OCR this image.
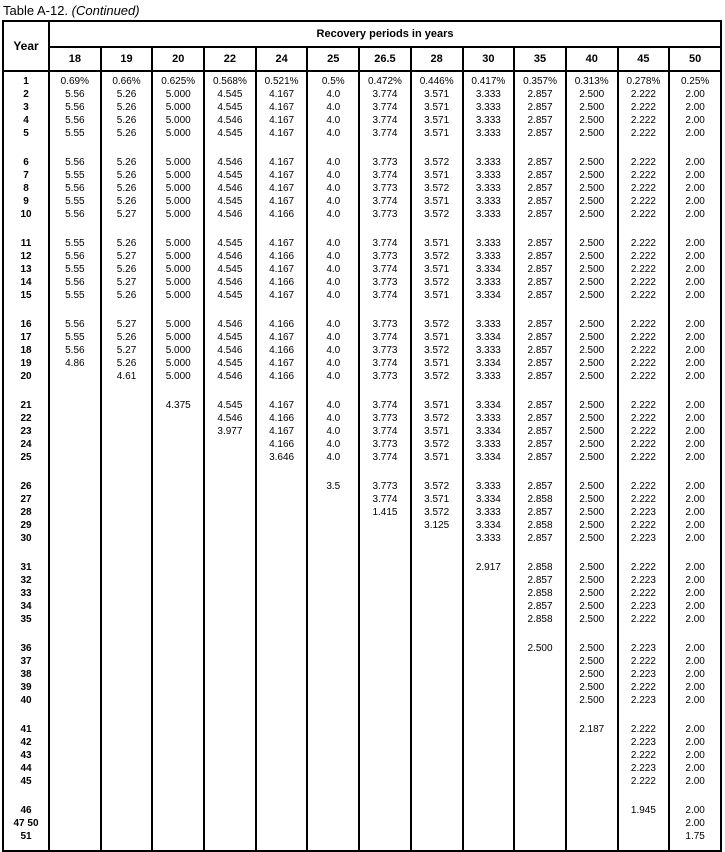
Table A-12. (Continued)
Year	Recovery periods in years												
	18	19	20	22	24	25	26.5	28	30	35	40	45	50
1	0.69%	0.66%	0.625%	0.568%	0.521%	0.5%	0.472%	0.446%	0.417%	0.357%	0.313%	0.278%	0.25%
2	5.56	5.26	5.000	4.545	4.167	4.0	3.774	3.571	3.333	2.857	2.500	2.222	2.00
3	5.56	5.26	5.000	4.545	4.167	4.0	3.774	3.571	3.333	2.857	2.500	2.222	2.00
4	5.56	5.26	5.000	4.546	4.167	4.0	3.774	3.571	3.333	2.857	2.500	2.222	2.00
5	5.55	5.26	5.000	4.545	4.167	4.0	3.774	3.571	3.333	2.857	2.500	2.222	2.00

6	5.56	5.26	5.000	4.546	4.167	4.0	3.773	3.572	3.333	2.857	2.500	2.222	2.00
7	5.55	5.26	5.000	4.545	4.167	4.0	3.774	3.571	3.333	2.857	2.500	2.222	2.00
8	5.56	5.26	5.000	4.546	4.167	4.0	3.773	3.572	3.333	2.857	2.500	2.222	2.00
9	5.55	5.26	5.000	4.545	4.167	4.0	3.774	3.571	3.333	2.857	2.500	2.222	2.00
10	5.56	5.27	5.000	4.546	4.166	4.0	3.773	3.572	3.333	2.857	2.500	2.222	2.00

11	5.55	5.26	5.000	4.545	4.167	4.0	3.774	3.571	3.333	2.857	2.500	2.222	2.00
12	5.56	5.27	5.000	4.546	4.166	4.0	3.773	3.572	3.333	2.857	2.500	2.222	2.00
13	5.55	5.26	5.000	4.545	4.167	4.0	3.774	3.571	3.334	2.857	2.500	2.222	2.00
14	5.56	5.27	5.000	4.546	4.166	4.0	3.773	3.572	3.333	2.857	2.500	2.222	2.00
15	5.55	5.26	5.000	4.545	4.167	4.0	3.774	3.571	3.334	2.857	2.500	2.222	2.00

16	5.56	5.27	5.000	4.546	4.166	4.0	3.773	3.572	3.333	2.857	2.500	2.222	2.00
17	5.55	5.26	5.000	4.545	4.167	4.0	3.774	3.571	3.334	2.857	2.500	2.222	2.00
18	5.56	5.27	5.000	4.546	4.166	4.0	3.773	3.572	3.333	2.857	2.500	2.222	2.00
19	4.86	5.26	5.000	4.545	4.167	4.0	3.774	3.571	3.334	2.857	2.500	2.222	2.00
20		4.61	5.000	4.546	4.166	4.0	3.773	3.572	3.333	2.857	2.500	2.222	2.00

21			4.375	4.545	4.167	4.0	3.774	3.571	3.334	2.857	2.500	2.222	2.00
22				4.546	4.166	4.0	3.773	3.572	3.333	2.857	2.500	2.222	2.00
23				3.977	4.167	4.0	3.774	3.571	3.334	2.857	2.500	2.222	2.00
24					4.166	4.0	3.773	3.572	3.333	2.857	2.500	2.222	2.00
25					3.646	4.0	3.774	3.571	3.334	2.857	2.500	2.222	2.00

26						3.5	3.773	3.572	3.333	2.857	2.500	2.222	2.00
27							3.774	3.571	3.334	2.858	2.500	2.222	2.00
28							1.415	3.572	3.333	2.857	2.500	2.223	2.00
29								3.125	3.334	2.858	2.500	2.222	2.00
30									3.333	2.857	2.500	2.223	2.00

31									2.917	2.858	2.500	2.222	2.00
32										2.857	2.500	2.223	2.00
33										2.858	2.500	2.222	2.00
34										2.857	2.500	2.223	2.00
35										2.858	2.500	2.222	2.00

36										2.500	2.500	2.223	2.00
37											2.500	2.222	2.00
38											2.500	2.223	2.00
39											2.500	2.222	2.00
40											2.500	2.223	2.00

41											2.187	2.222	2.00
42												2.223	2.00
43												2.222	2.00
44												2.223	2.00
45												2.222	2.00

46												1.945	2.00
47 50													2.00
51													1.75
